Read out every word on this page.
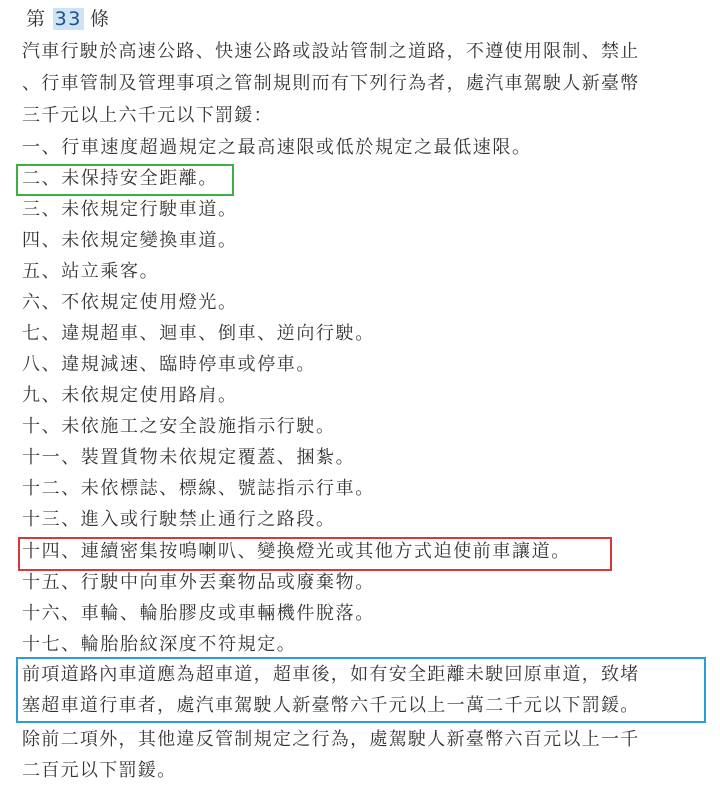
第 33 條
汽車行駛於高速公路、快速公路或設站管制之道路，不遵使用限制、禁止
、行車管制及管理事項之管制規則而有下列行為者，處汽車駕駛人新臺幣
三千元以上六千元以下罰鍰：
一、行車速度超過規定之最高速限或低於規定之最低速限。
二、未保持安全距離。
三、未依規定行駛車道。
四、未依規定變換車道。
五、站立乘客。
六、不依規定使用燈光。
七、違規超車、迴車、倒車、逆向行駛。
八、違規減速、臨時停車或停車。
九、未依規定使用路肩。
十、未依施工之安全設施指示行駛。
十一、裝置貨物未依規定覆蓋、捆紮。
十二、未依標誌、標線、號誌指示行車。
十三、進入或行駛禁止通行之路段。
十四、連續密集按鳴喇叭、變換燈光或其他方式迫使前車讓道。
十五、行駛中向車外丟棄物品或廢棄物。
十六、車輪、輪胎膠皮或車輛機件脫落。
十七、輪胎胎紋深度不符規定。
前項道路內車道應為超車道，超車後，如有安全距離未駛回原車道，致堵
塞超車道行車者，處汽車駕駛人新臺幣六千元以上一萬二千元以下罰鍰。
除前二項外，其他違反管制規定之行為，處駕駛人新臺幣六百元以上一千
二百元以下罰鍰。
